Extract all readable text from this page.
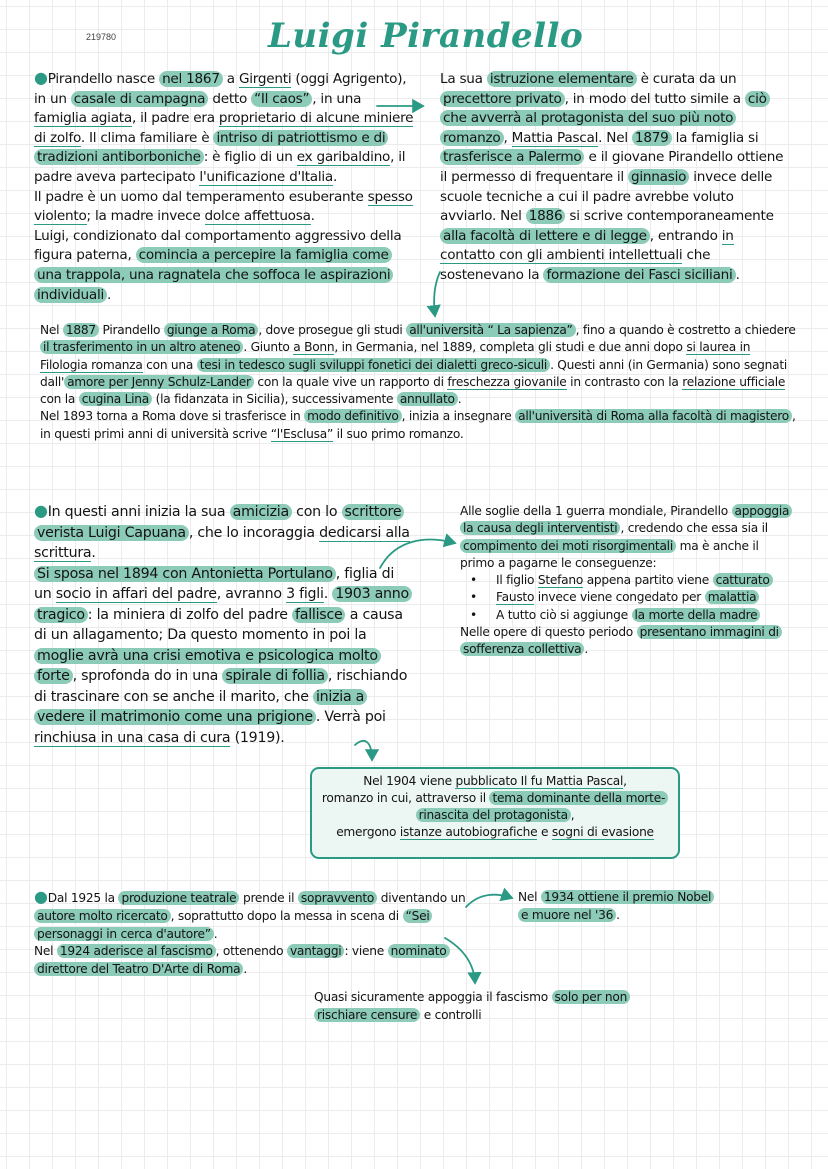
219780	Luigi Pirandello
●Pirandello nasce nel 1867 a Girgenti (oggi Agrigento), in un casale di campagna detto “Il caos” , in una famiglia agiata, il padre era proprietario di alcune miniere di zolfo. Il clima familiare è intriso di patriottismo e di tradizioni antiborboniche : è figlio di un ex garibaldino, il padre aveva partecipato l'unificazione d'Italia.
Il padre è un uomo dal temperamento esuberante spesso violento; la madre invece dolce affettuosa.
Luigi, condizionato dal comportamento aggressivo della figura paterna, comincia a percepire la famiglia come una trappola, una ragnatela che soffoca le aspirazioni individuali .
La sua istruzione elementare è curata da un precettore privato , in modo del tutto simile a ciò che avverrà al protagonista del suo più noto romanzo , Mattia Pascal. Nel 1879 la famiglia si trasferisce a Palermo e il giovane Pirandello ottiene il permesso di frequentare il ginnasio invece delle scuole tecniche a cui il padre avrebbe voluto avviarlo. Nel 1886 si scrive contemporaneamente alla facoltà di lettere e di legge , entrando in contatto con gli ambienti intellettuali che sostenevano la formazione dei Fasci siciliani .
Nel 1887 Pirandello giunge a Roma , dove prosegue gli studi all'università “ La sapienza” , fino a quando è costretto a chiedere il trasferimento in un altro ateneo . Giunto a Bonn, in Germania, nel 1889, completa gli studi e due anni dopo si laurea in Filologia romanza con una tesi in tedesco sugli sviluppi fonetici dei dialetti greco-siculi . Questi anni (in Germania) sono segnati dall' amore per Jenny Schulz-Lander con la quale vive un rapporto di freschezza giovanile in contrasto con la relazione ufficiale con la cugina Lina (la fidanzata in Sicilia), successivamente annullato .
Nel 1893 torna a Roma dove si trasferisce in modo definitivo , inizia a insegnare all'università di Roma alla facoltà di magistero , in questi primi anni di università scrive “l'Esclusa” il suo primo romanzo.
●In questi anni inizia la sua amicizia con lo scrittore verista Luigi Capuana , che lo incoraggia dedicarsi alla scrittura.
Si sposa nel 1894 con Antonietta Portulano , figlia di un socio in affari del padre, avranno 3 figli. 1903 anno tragico : la miniera di zolfo del padre fallisce a causa di un allagamento; Da questo momento in poi la moglie avrà una crisi emotiva e psicologica molto forte , sprofonda do in una spirale di follia , rischiando di trascinare con se anche il marito, che inizia a vedere il matrimonio come una prigione . Verrà poi rinchiusa in una casa di cura (1919).
Alle soglie della 1 guerra mondiale, Pirandello appoggia la causa degli interventisti , credendo che essa sia il compimento dei moti risorgimentali ma è anche il primo a pagarne le conseguenze:
• Il figlio Stefano appena partito viene catturato
• Fausto invece viene congedato per malattia
• A tutto ciò si aggiunge la morte della madre
Nelle opere di questo periodo presentano immagini di sofferenza collettiva .
Nel 1904 viene pubblicato Il fu Mattia Pascal,
romanzo in cui, attraverso il tema dominante della morte-rinascita del protagonista ,
emergono istanze autobiografiche e sogni di evasione
●Dal 1925 la produzione teatrale prende il sopravvento diventando un autore molto ricercato , soprattutto dopo la messa in scena di “Sei personaggi in cerca d'autore” .
Nel 1924 aderisce al fascismo , ottenendo vantaggi : viene nominato direttore del Teatro D'Arte di Roma .
Nel 1934 ottiene il premio Nobel e muore nel '36 .
Quasi sicuramente appoggia il fascismo solo per non rischiare censure e controlli
